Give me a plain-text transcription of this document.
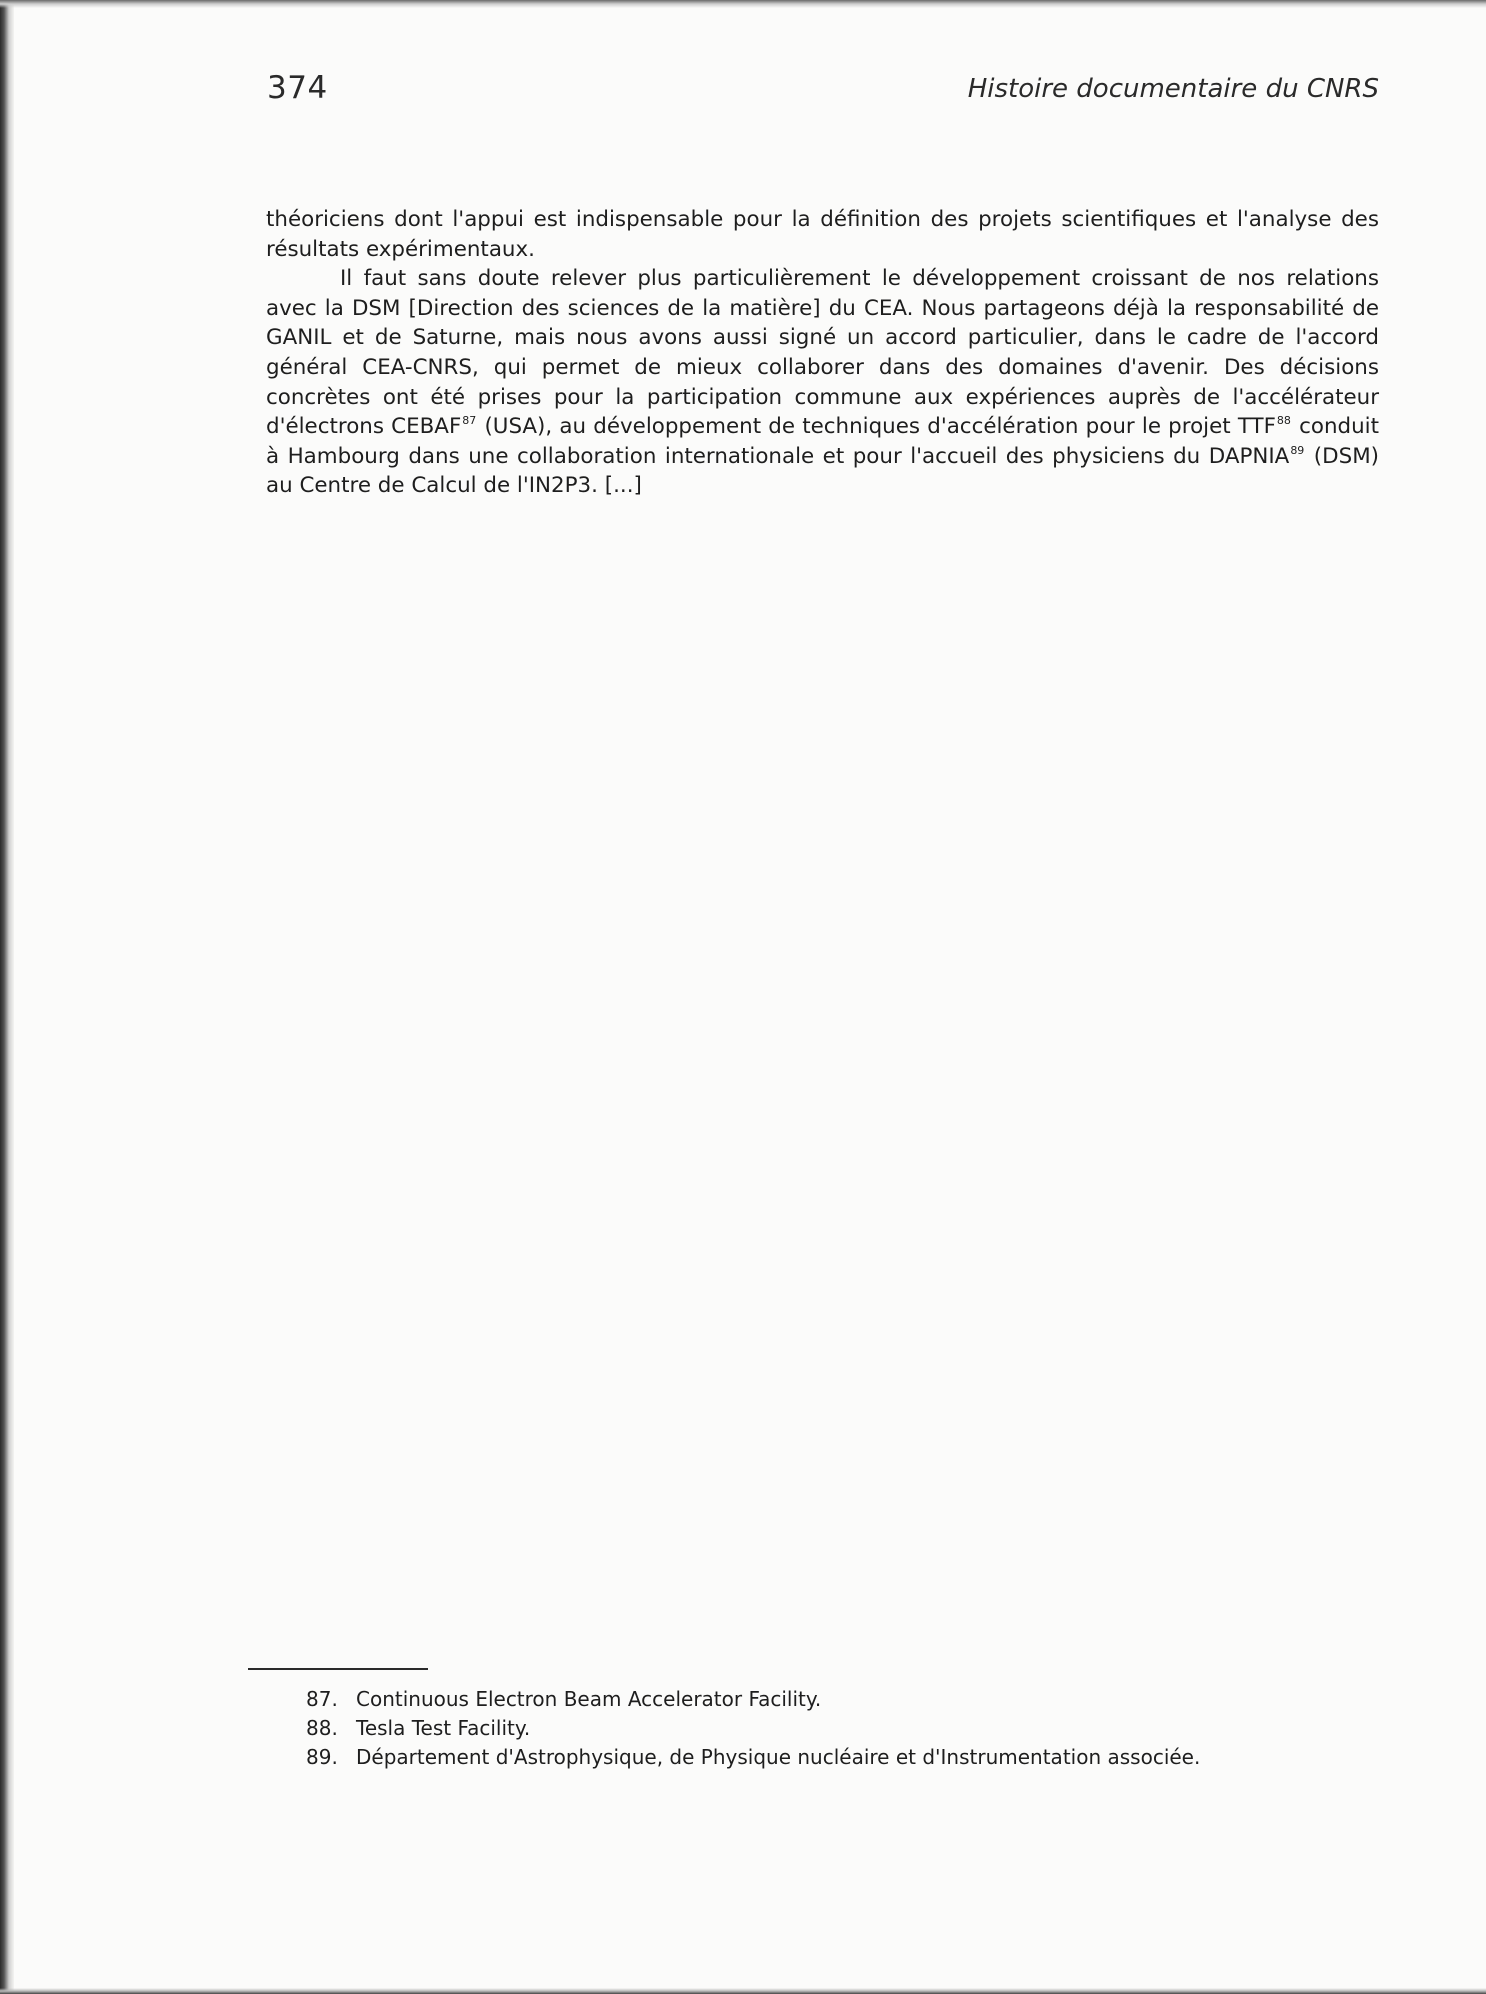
374	Histoire documentaire du CNRS

théoriciens dont l'appui est indispensable pour la définition des projets scientifiques et l'analyse des résultats expérimentaux.

Il faut sans doute relever plus particulièrement le développement croissant de nos relations avec la DSM [Direction des sciences de la matière] du CEA. Nous partageons déjà la responsabilité de GANIL et de Saturne, mais nous avons aussi signé un accord particulier, dans le cadre de l'accord général CEA-CNRS, qui permet de mieux collaborer dans des domaines d'avenir. Des décisions concrètes ont été prises pour la participation commune aux expériences auprès de l'accélérateur d'électrons CEBAF$^{87}$ (USA), au développement de techniques d'accélération pour le projet TTF$^{88}$ conduit à Hambourg dans une collaboration internationale et pour l'accueil des physiciens du DAPNIA$^{89}$ (DSM) au Centre de Calcul de l'IN2P3. [...]

87. Continuous Electron Beam Accelerator Facility.
88. Tesla Test Facility.
89. Département d'Astrophysique, de Physique nucléaire et d'Instrumentation associée.
